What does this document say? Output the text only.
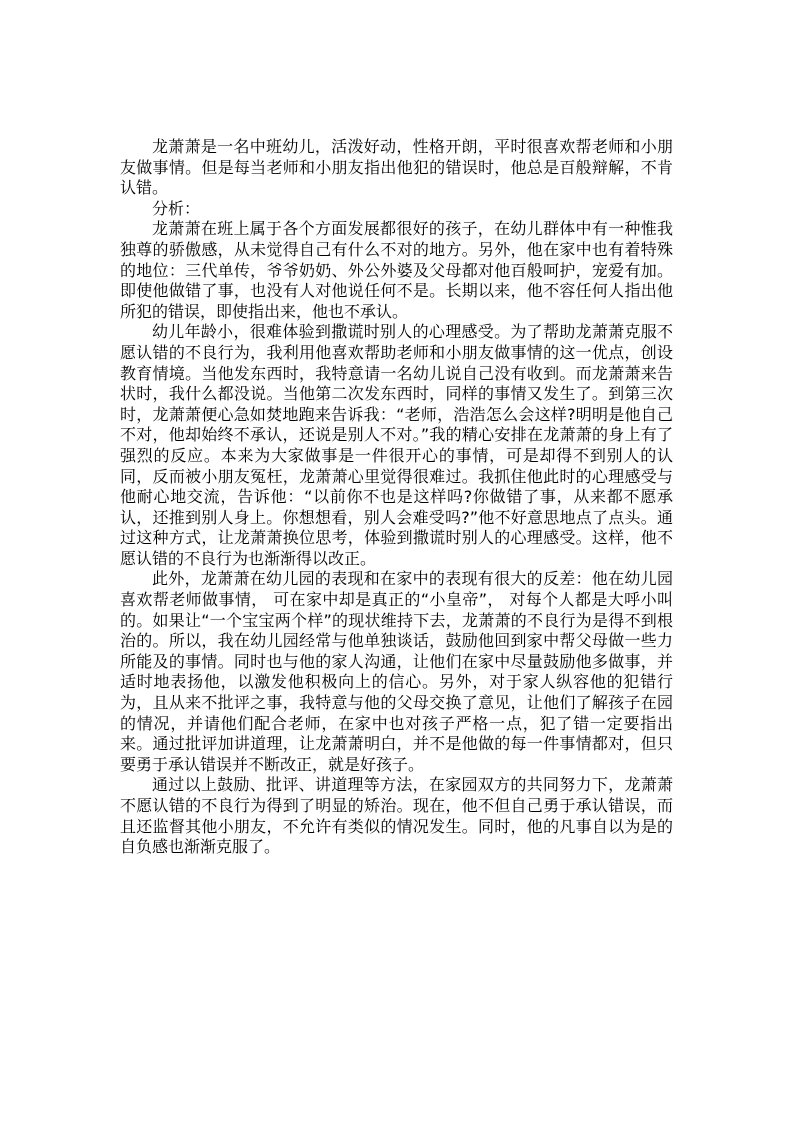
龙萧萧是一名中班幼儿，活泼好动，性格开朗，平时很喜欢帮老师和小朋友做事情。但是每当老师和小朋友指出他犯的错误时，他总是百般辩解，不肯认错。

分析：

龙萧萧在班上属于各个方面发展都很好的孩子，在幼儿群体中有一种惟我独尊的骄傲感，从未觉得自己有什么不对的地方。另外，他在家中也有着特殊的地位：三代单传，爷爷奶奶、外公外婆及父母都对他百般呵护，宠爱有加。即使他做错了事，也没有人对他说任何不是。长期以来，他不容任何人指出他所犯的错误，即使指出来，他也不承认。

幼儿年龄小，很难体验到撒谎时别人的心理感受。为了帮助龙萧萧克服不愿认错的不良行为，我利用他喜欢帮助老师和小朋友做事情的这一优点，创设教育情境。当他发东西时，我特意请一名幼儿说自己没有收到。而龙萧萧来告状时，我什么都没说。当他第二次发东西时，同样的事情又发生了。到第三次时，龙萧萧便心急如焚地跑来告诉我：“老师，浩浩怎么会这样?明明是他自己不对，他却始终不承认，还说是别人不对。”我的精心安排在龙萧萧的身上有了强烈的反应。本来为大家做事是一件很开心的事情，可是却得不到别人的认同，反而被小朋友冤枉，龙萧萧心里觉得很难过。我抓住他此时的心理感受与他耐心地交流，告诉他：“以前你不也是这样吗?你做错了事，从来都不愿承认，还推到别人身上。你想想看，别人会难受吗?”他不好意思地点了点头。通过这种方式，让龙萧萧换位思考，体验到撒谎时别人的心理感受。这样，他不愿认错的不良行为也渐渐得以改正。

此外，龙萧萧在幼儿园的表现和在家中的表现有很大的反差：他在幼儿园喜欢帮老师做事情， 可在家中却是真正的“小皇帝”， 对每个人都是大呼小叫的。如果让“一个宝宝两个样”的现状维持下去，龙萧萧的不良行为是得不到根治的。所以，我在幼儿园经常与他单独谈话，鼓励他回到家中帮父母做一些力所能及的事情。同时也与他的家人沟通，让他们在家中尽量鼓励他多做事，并适时地表扬他，以激发他积极向上的信心。另外，对于家人纵容他的犯错行为，且从来不批评之事，我特意与他的父母交换了意见，让他们了解孩子在园的情况，并请他们配合老师，在家中也对孩子严格一点，犯了错一定要指出来。通过批评加讲道理，让龙萧萧明白，并不是他做的每一件事情都对，但只要勇于承认错误并不断改正，就是好孩子。

通过以上鼓励、批评、讲道理等方法，在家园双方的共同努力下，龙萧萧不愿认错的不良行为得到了明显的矫治。现在，他不但自己勇于承认错误，而且还监督其他小朋友，不允许有类似的情况发生。同时，他的凡事自以为是的自负感也渐渐克服了。
